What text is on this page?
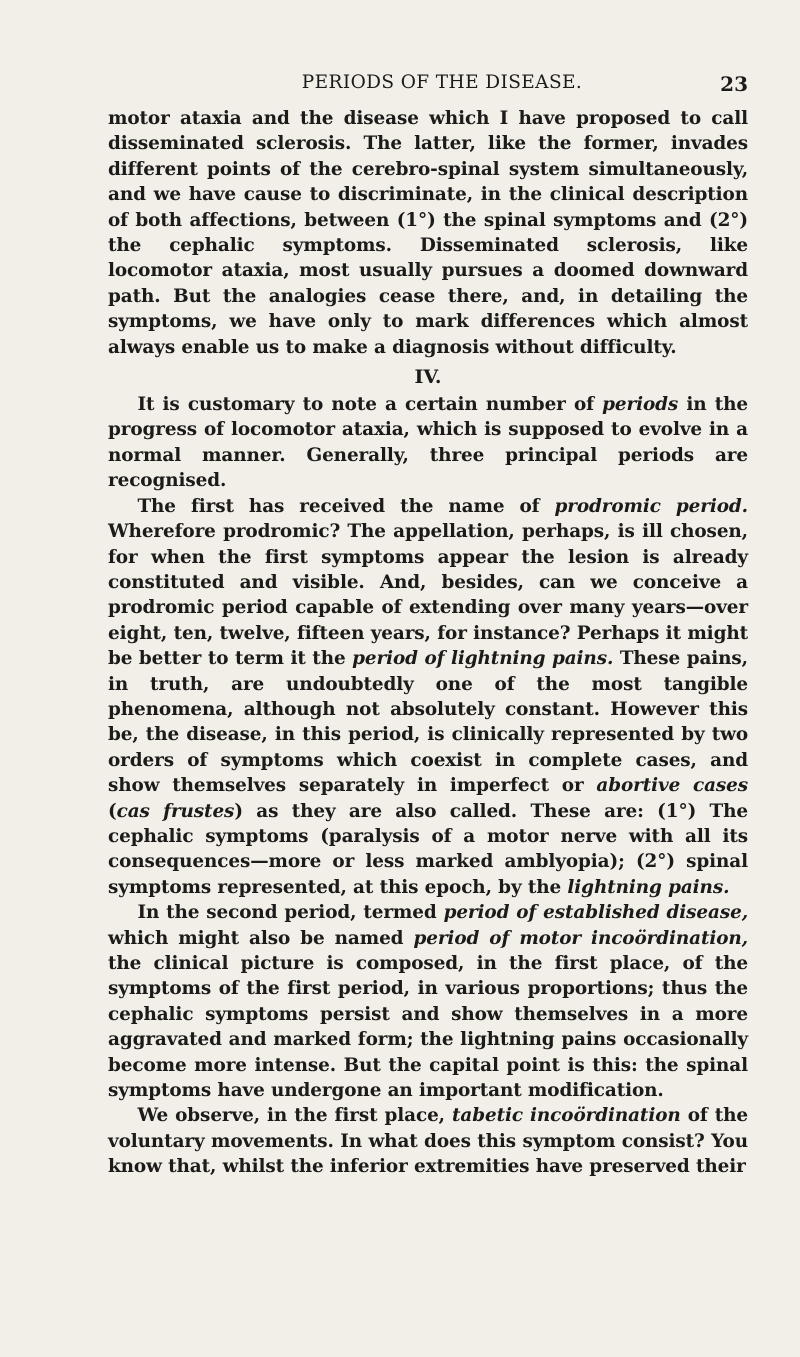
PERIODS OF THE DISEASE.	23

motor ataxia and the disease which I have proposed to call disseminated sclerosis. The latter, like the former, invades different points of the cerebro-spinal system simultaneously, and we have cause to discriminate, in the clinical description of both affections, between (1°) the spinal symptoms and (2°) the cephalic symptoms. Disseminated sclerosis, like locomotor ataxia, most usually pursues a doomed downward path. But the analogies cease there, and, in detailing the symptoms, we have only to mark differences which almost always enable us to make a diagnosis without difficulty.

IV.

It is customary to note a certain number of periods in the progress of locomotor ataxia, which is supposed to evolve in a normal manner. Generally, three principal periods are recognised.

The first has received the name of prodromic period. Wherefore prodromic? The appellation, perhaps, is ill chosen, for when the first symptoms appear the lesion is already constituted and visible. And, besides, can we conceive a prodromic period capable of extending over many years—over eight, ten, twelve, fifteen years, for instance? Perhaps it might be better to term it the period of lightning pains. These pains, in truth, are undoubtedly one of the most tangible phenomena, although not absolutely constant. However this be, the disease, in this period, is clinically represented by two orders of symptoms which coexist in complete cases, and show themselves separately in imperfect or abortive cases (cas frustes) as they are also called. These are: (1°) The cephalic symptoms (paralysis of a motor nerve with all its consequences—more or less marked amblyopia); (2°) spinal symptoms represented, at this epoch, by the lightning pains.

In the second period, termed period of established disease, which might also be named period of motor incoördination, the clinical picture is composed, in the first place, of the symptoms of the first period, in various proportions; thus the cephalic symptoms persist and show themselves in a more aggravated and marked form; the lightning pains occasionally become more intense. But the capital point is this: the spinal symptoms have undergone an important modification.

We observe, in the first place, tabetic incoördination of the voluntary movements. In what does this symptom consist? You know that, whilst the inferior extremities have preserved their
